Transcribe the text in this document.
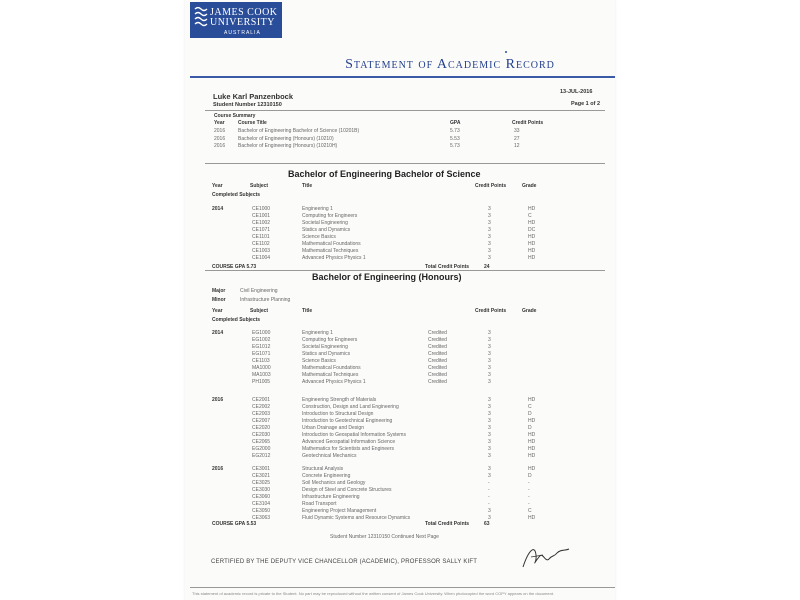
JAMES COOK
UNIVERSITY
AUSTRALIA
Statement of Academic Record
13-JUL-2016
Page 1 of 2
Luke Karl Panzenbock
Student Number 12310150
Course Summary
Year	Course Title	GPA	Credit Points
2016	Bachelor of Engineering Bachelor of Science (10201B)	5.73	33
2016	Bachelor of Engineering (Honours) (10210)	5.53	27
2016	Bachelor of Engineering (Honours) (10210H)	5.73	12
Bachelor of Engineering Bachelor of Science
Year	Subject	Title	Credit Points	Grade
Completed Subjects
2014	CE1000	Engineering 1	3	HD
CE1001	Computing for Engineers	3	C
CE1002	Societal Engineering	3	HD
CE1071	Statics and Dynamics	3	DC
CE1101	Science Basics	3	HD
CE1102	Mathematical Foundations	3	HD
CE1003	Mathematical Techniques	3	HD
CE1004	Advanced Physics Physics 1	3	HD
COURSE GPA 5.73	Total Credit Points	24
Bachelor of Engineering (Honours)
Major	Civil Engineering
Minor	Infrastructure Planning
Year	Subject	Title	Credit Points	Grade
Completed Subjects
2014	EG1000	Engineering 1	Credited	3
EG1002	Computing for Engineers	Credited	3
EG1012	Societal Engineering	Credited	3
EG1071	Statics and Dynamics	Credited	3
CE1103	Science Basics	Credited	3
MA1000	Mathematical Foundations	Credited	3
MA1003	Mathematical Techniques	Credited	3
PH1005	Advanced Physics Physics 1	Credited	3
2016	CE2001	Engineering Strength of Materials	3	HD
CE2002	Construction, Design and Land Engineering	3	C
CE2003	Introduction to Structural Design	3	D
CE2007	Introduction to Geotechnical Engineering	3	HD
CE2020	Urban Drainage and Design	3	D
CE2030	Introduction to Geospatial Information Systems	3	HD
CE2065	Advanced Geospatial Information Science	3	HD
EG2000	Mathematics for Scientists and Engineers	3	HD
EG2012	Geotechnical Mechanics	3	HD
2016	CE3001	Structural Analysis	3	HD
CE3021	Concrete Engineering	3	D
CE3025	Soil Mechanics and Geology	-	-
CE3030	Design of Steel and Concrete Structures	-	-
CE3060	Infrastructure Engineering	-	-
CE3104	Road Transport	-	-
CE3050	Engineering Project Management	3	C
CE3063	Fluid Dynamic Systems and Resource Dynamics	3	HD
COURSE GPA 5.53	Total Credit Points	63
Student Number 12310150 Continued Next Page
CERTIFIED BY THE DEPUTY VICE CHANCELLOR (ACADEMIC), PROFESSOR SALLY KIFT
This statement of academic record is private to the Student. No part may be reproduced without the written consent of James Cook University. When photocopied the word COPY appears on the document.
